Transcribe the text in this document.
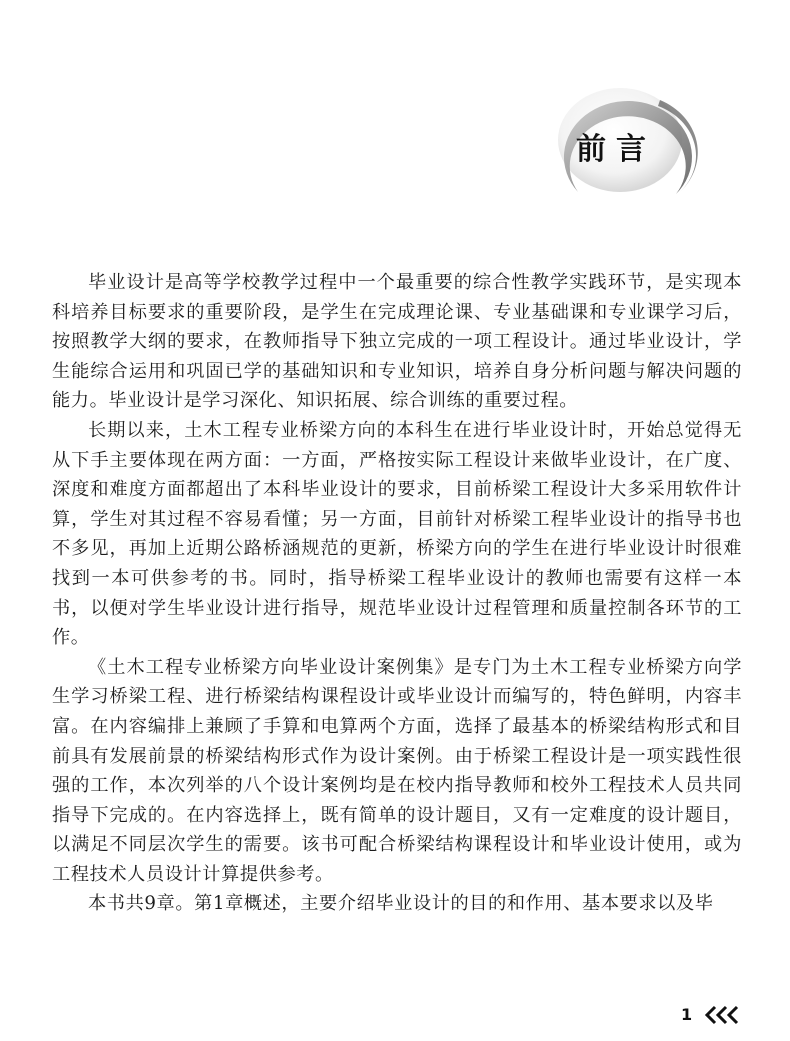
前言

毕业设计是高等学校教学过程中一个最重要的综合性教学实践环节，是实现本科培养目标要求的重要阶段，是学生在完成理论课、专业基础课和专业课学习后，按照教学大纲的要求，在教师指导下独立完成的一项工程设计。通过毕业设计，学生能综合运用和巩固已学的基础知识和专业知识，培养自身分析问题与解决问题的能力。毕业设计是学习深化、知识拓展、综合训练的重要过程。

长期以来，土木工程专业桥梁方向的本科生在进行毕业设计时，开始总觉得无从下手主要体现在两方面：一方面，严格按实际工程设计来做毕业设计，在广度、深度和难度方面都超出了本科毕业设计的要求，目前桥梁工程设计大多采用软件计算，学生对其过程不容易看懂；另一方面，目前针对桥梁工程毕业设计的指导书也不多见，再加上近期公路桥涵规范的更新，桥梁方向的学生在进行毕业设计时很难找到一本可供参考的书。同时，指导桥梁工程毕业设计的教师也需要有这样一本书，以便对学生毕业设计进行指导，规范毕业设计过程管理和质量控制各环节的工作。

《土木工程专业桥梁方向毕业设计案例集》是专门为土木工程专业桥梁方向学生学习桥梁工程、进行桥梁结构课程设计或毕业设计而编写的，特色鲜明，内容丰富。在内容编排上兼顾了手算和电算两个方面，选择了最基本的桥梁结构形式和目前具有发展前景的桥梁结构形式作为设计案例。由于桥梁工程设计是一项实践性很强的工作，本次列举的八个设计案例均是在校内指导教师和校外工程技术人员共同指导下完成的。在内容选择上，既有简单的设计题目，又有一定难度的设计题目，以满足不同层次学生的需要。该书可配合桥梁结构课程设计和毕业设计使用，或为工程技术人员设计计算提供参考。

本书共9章。第1章概述，主要介绍毕业设计的目的和作用、基本要求以及毕

1
